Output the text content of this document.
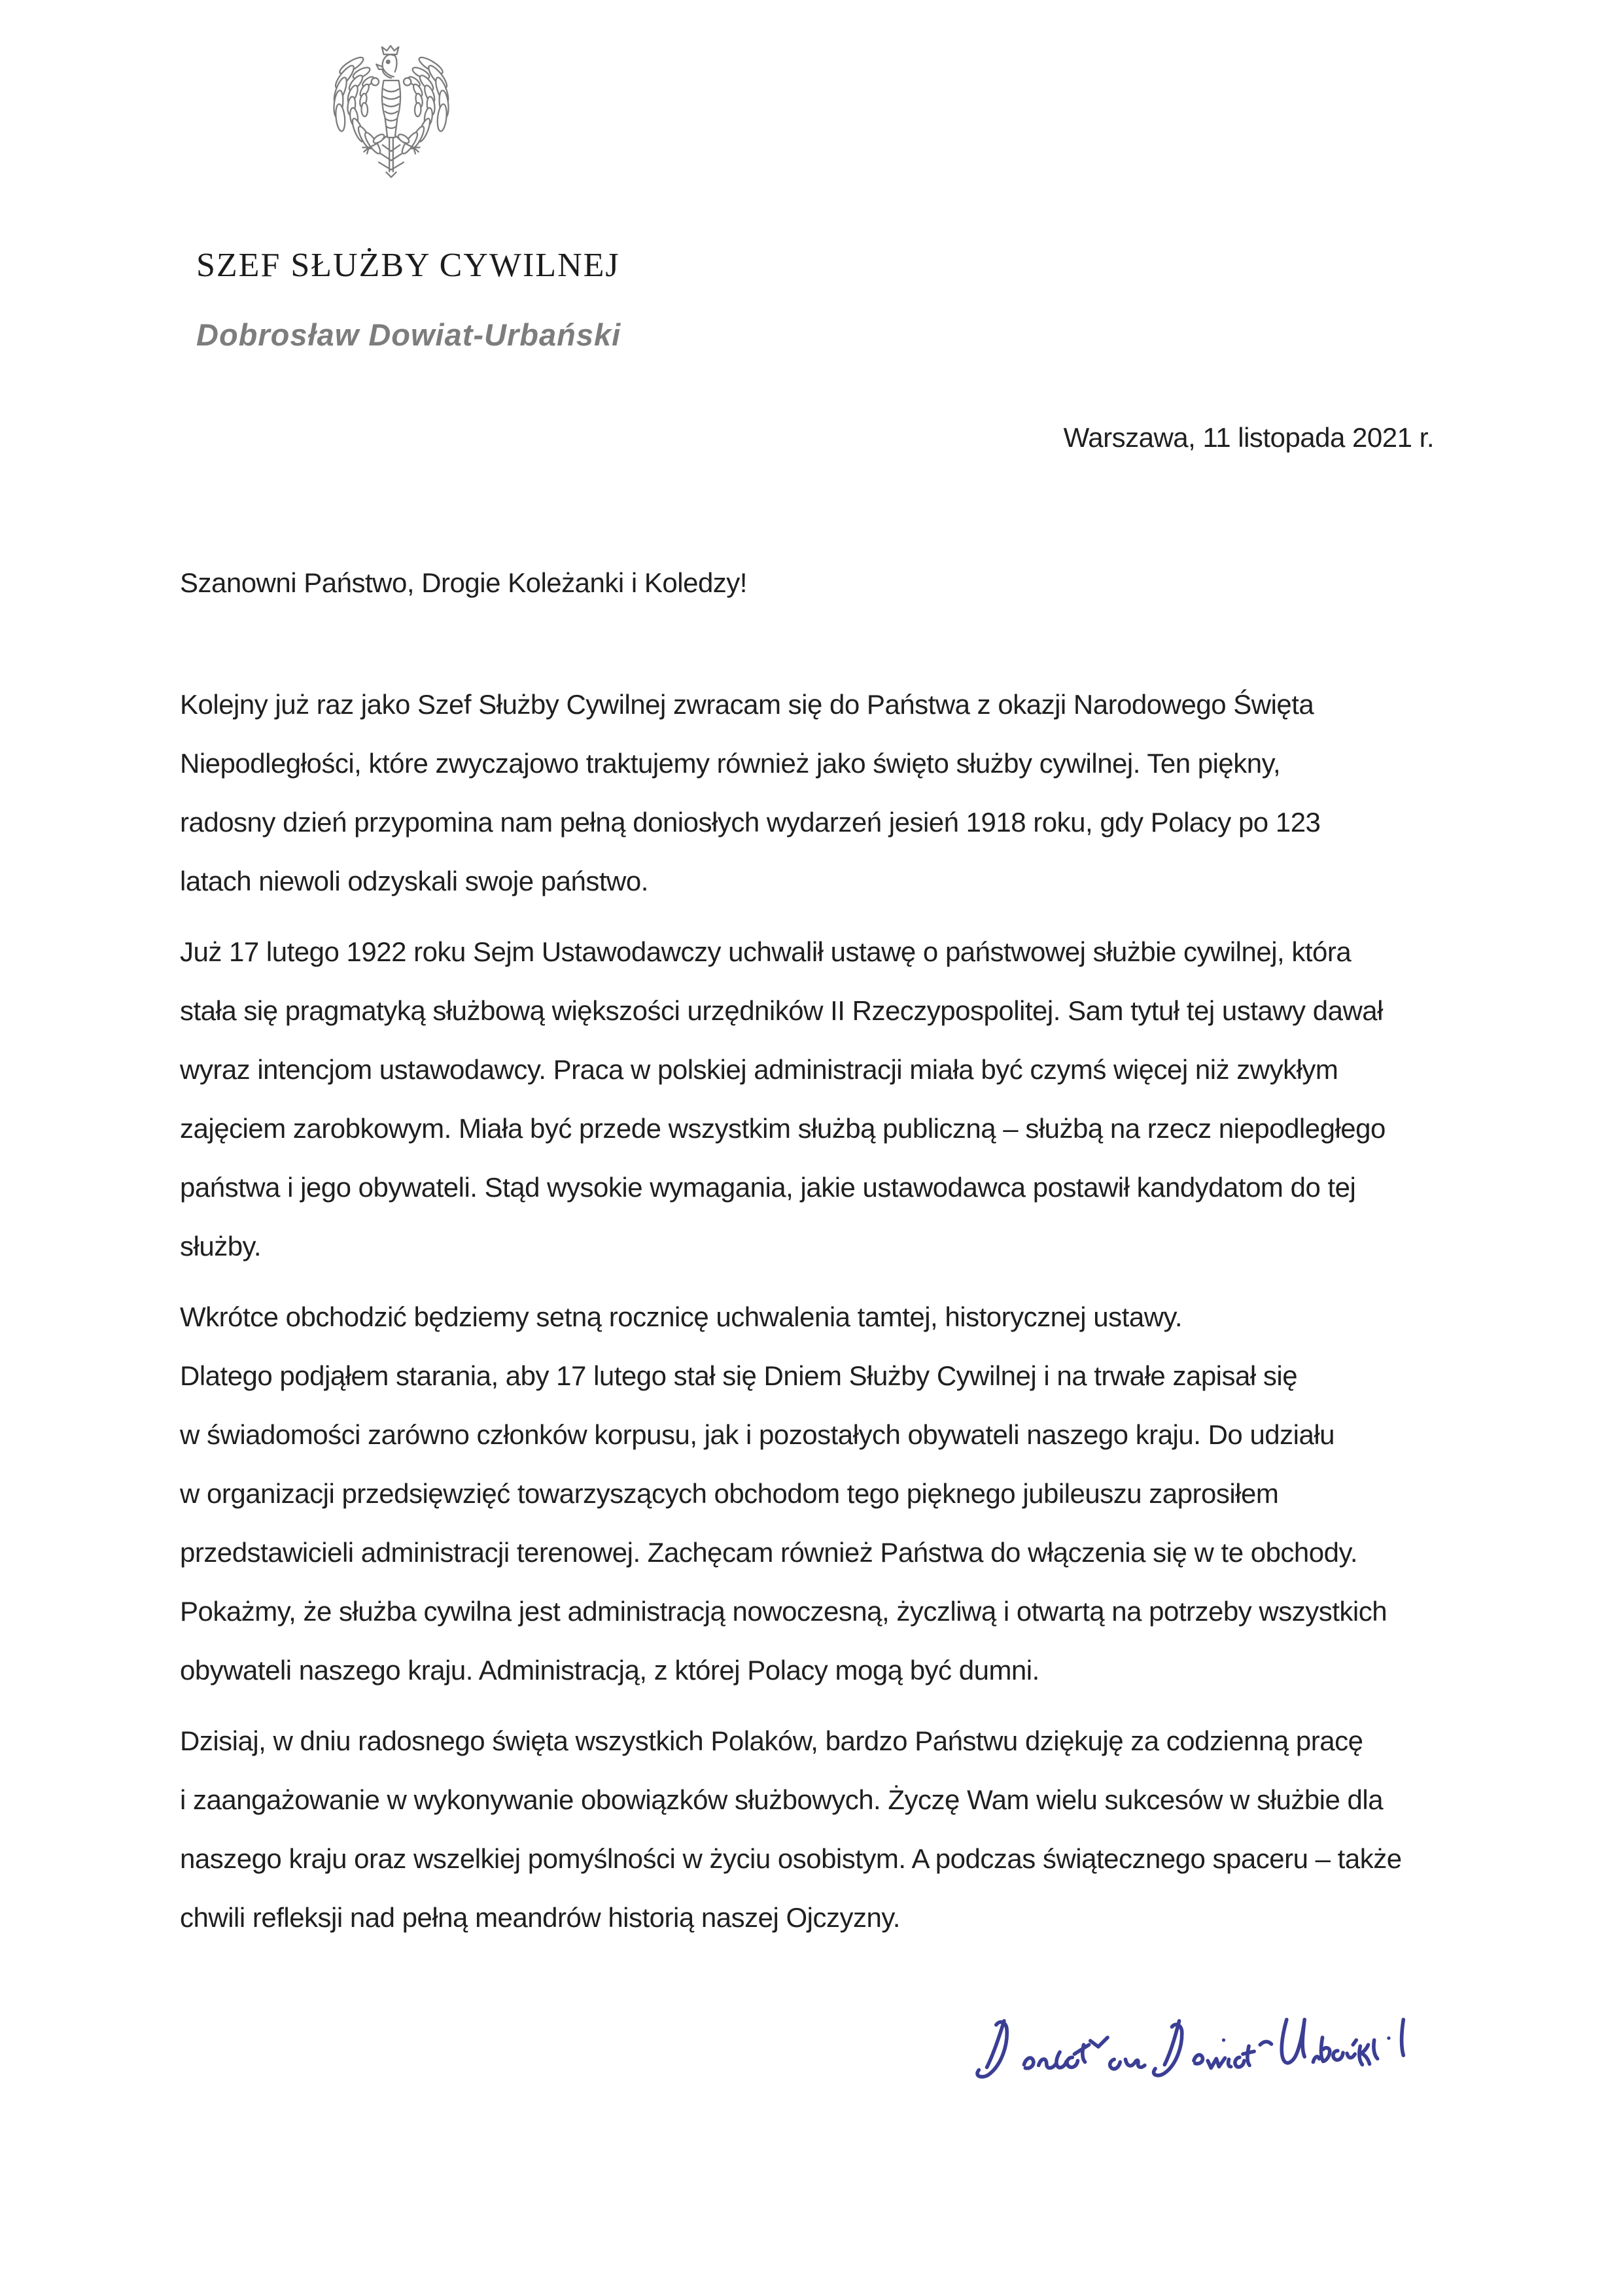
SZEF SŁUŻBY CYWILNEJ
Dobrosław Dowiat-Urbański
Warszawa, 11 listopada 2021 r.
Szanowni Państwo, Drogie Koleżanki i Koledzy!

Kolejny już raz jako Szef Służby Cywilnej zwracam się do Państwa z okazji Narodowego Święta
Niepodległości, które zwyczajowo traktujemy również jako święto służby cywilnej. Ten piękny,
radosny dzień przypomina nam pełną doniosłych wydarzeń jesień 1918 roku, gdy Polacy po 123
latach niewoli odzyskali swoje państwo.

Już 17 lutego 1922 roku Sejm Ustawodawczy uchwalił ustawę o państwowej służbie cywilnej, która
stała się pragmatyką służbową większości urzędników II Rzeczypospolitej. Sam tytuł tej ustawy dawał
wyraz intencjom ustawodawcy. Praca w polskiej administracji miała być czymś więcej niż zwykłym
zajęciem zarobkowym. Miała być przede wszystkim służbą publiczną – służbą na rzecz niepodległego
państwa i jego obywateli. Stąd wysokie wymagania, jakie ustawodawca postawił kandydatom do tej
służby.

Wkrótce obchodzić będziemy setną rocznicę uchwalenia tamtej, historycznej ustawy.
Dlatego podjąłem starania, aby 17 lutego stał się Dniem Służby Cywilnej i na trwałe zapisał się
w świadomości zarówno członków korpusu, jak i pozostałych obywateli naszego kraju. Do udziału
w organizacji przedsięwzięć towarzyszących obchodom tego pięknego jubileuszu zaprosiłem
przedstawicieli administracji terenowej. Zachęcam również Państwa do włączenia się w te obchody.
Pokażmy, że służba cywilna jest administracją nowoczesną, życzliwą i otwartą na potrzeby wszystkich
obywateli naszego kraju. Administracją, z której Polacy mogą być dumni.

Dzisiaj, w dniu radosnego święta wszystkich Polaków, bardzo Państwu dziękuję za codzienną pracę
i zaangażowanie w wykonywanie obowiązków służbowych. Życzę Wam wielu sukcesów w służbie dla
naszego kraju oraz wszelkiej pomyślności w życiu osobistym. A podczas świątecznego spaceru – także
chwili refleksji nad pełną meandrów historią naszej Ojczyzny.
